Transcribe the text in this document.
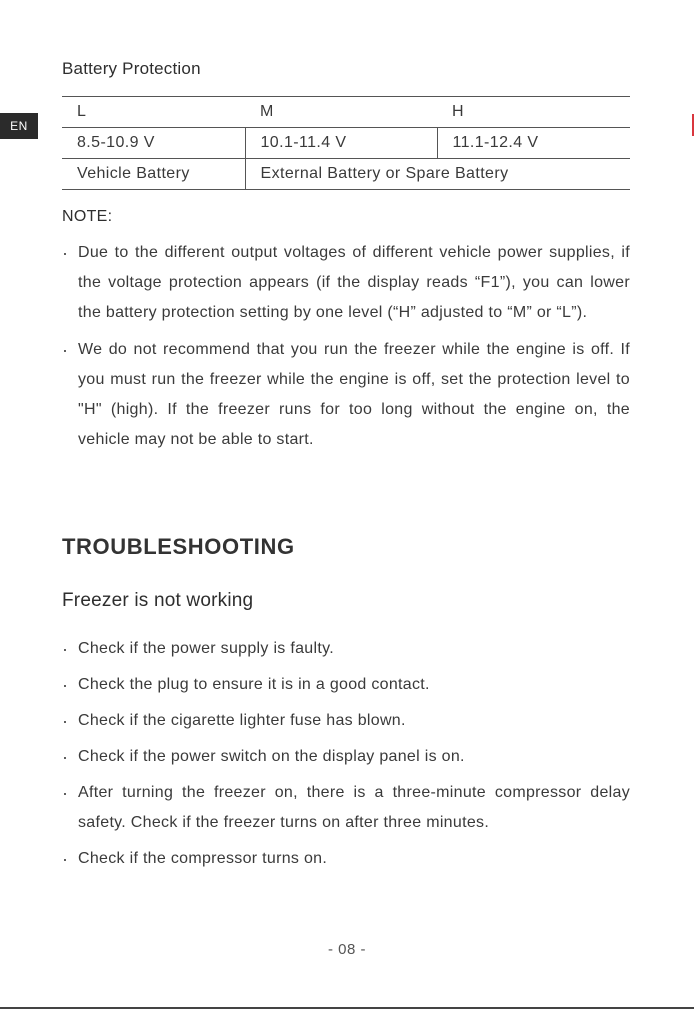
EN
Battery Protection
L	M	H
8.5-10.9 V	10.1-11.4 V	11.1-12.4 V
Vehicle Battery	External Battery or Spare Battery	
NOTE:
· Due to the different output voltages of different vehicle power supplies, if the voltage protection appears (if the display reads “F1”), you can lower the battery protection setting by one level (“H” adjusted to “M” or “L”).
· We do not recommend that you run the freezer while the engine is off. If you must run the freezer while the engine is off, set the protection level to "H" (high). If the freezer runs for too long without the engine on, the vehicle may not be able to start.
TROUBLESHOOTING
Freezer is not working
· Check if the power supply is faulty.
· Check the plug to ensure it is in a good contact.
· Check if the cigarette lighter fuse has blown.
· Check if the power switch on the display panel is on.
· After turning the freezer on, there is a three-minute compressor delay safety. Check if the freezer turns on after three minutes.
· Check if the compressor turns on.
- 08 -
